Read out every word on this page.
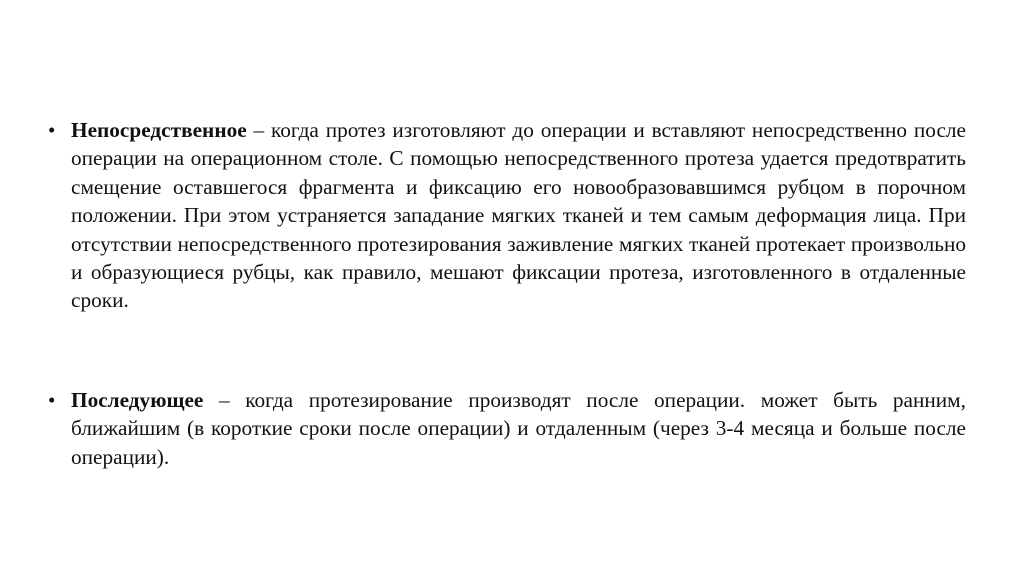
• Непосредственное – когда протез изготовляют до операции и вставляют непосредственно после операции на операционном столе. С помощью непосредственного протеза удается предотвратить смещение оставшегося фрагмента и фиксацию его новообразовавшимся рубцом в порочном положении. При этом устраняется западание мягких тканей и тем самым деформация лица. При отсутствии непосредственного протезирования заживление мягких тканей протекает произвольно и образующиеся рубцы, как правило, мешают фиксации протеза, изготовленного в отдаленные сроки.
• Последующее – когда протезирование производят после операции. может быть ранним, ближайшим (в короткие сроки после операции) и отдаленным (через 3-4 месяца и больше после операции).
